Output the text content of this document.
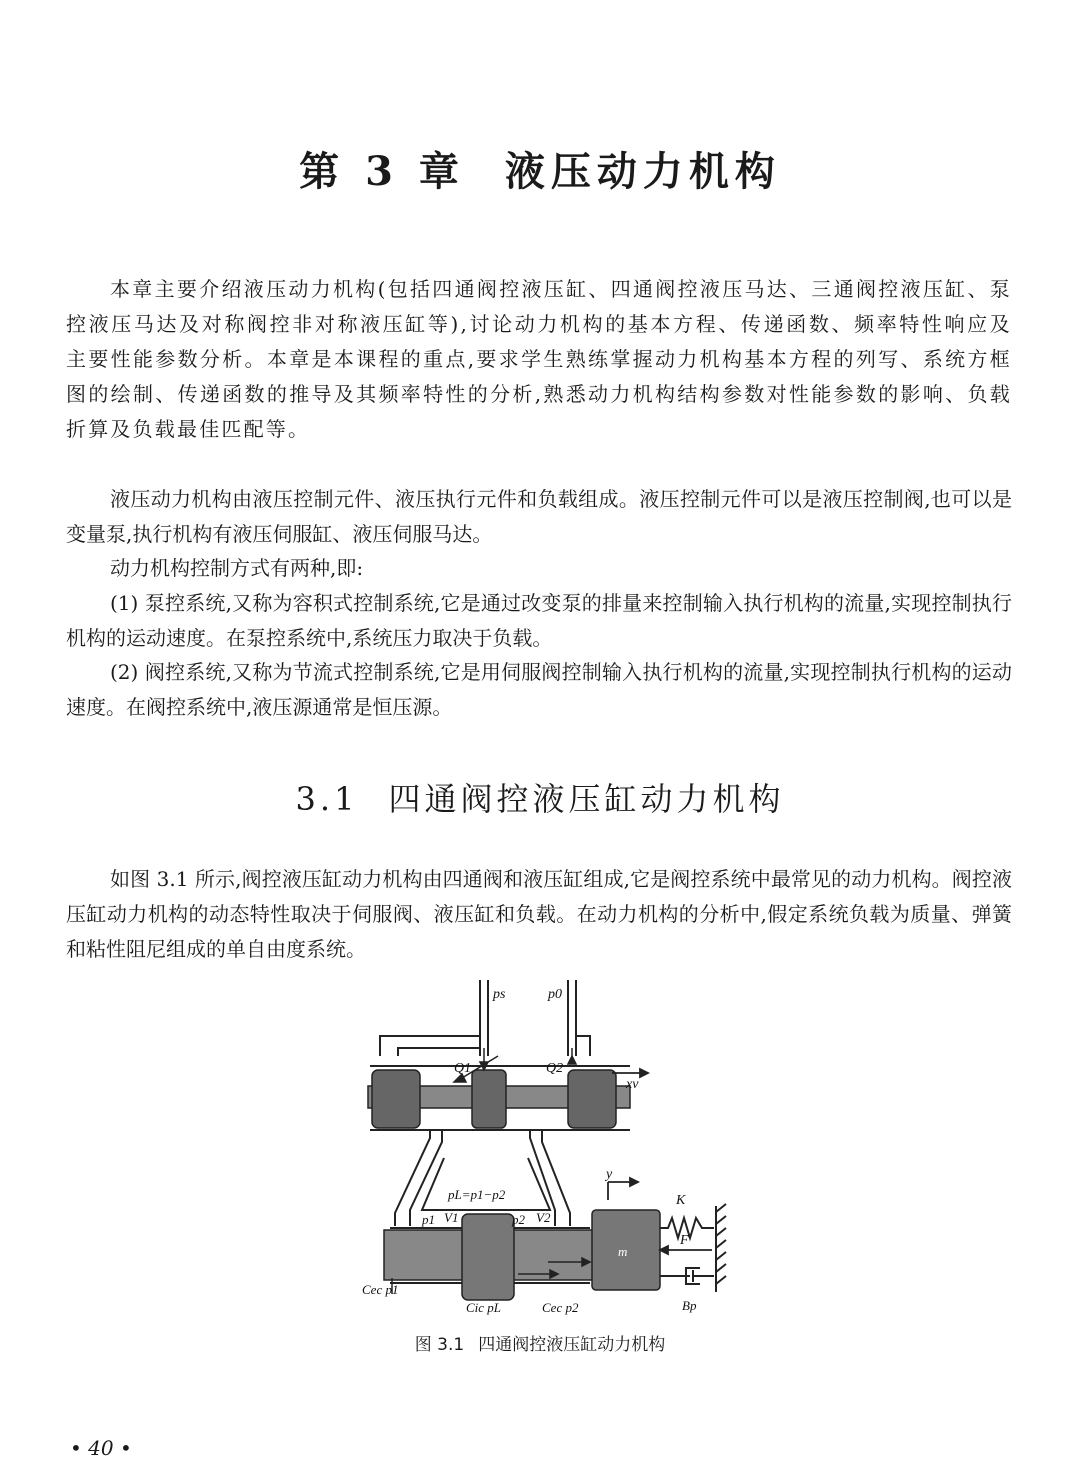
第 3 章 液压动力机构

本章主要介绍液压动力机构(包括四通阀控液压缸、四通阀控液压马达、三通阀控液压缸、泵控液压马达及对称阀控非对称液压缸等),讨论动力机构的基本方程、传递函数、频率特性响应及主要性能参数分析。本章是本课程的重点,要求学生熟练掌握动力机构基本方程的列写、系统方框图的绘制、传递函数的推导及其频率特性的分析,熟悉动力机构结构参数对性能参数的影响、负载折算及负载最佳匹配等。

液压动力机构由液压控制元件、液压执行元件和负载组成。液压控制元件可以是液压控制阀,也可以是变量泵,执行机构有液压伺服缸、液压伺服马达。

动力机构控制方式有两种,即:

(1) 泵控系统,又称为容积式控制系统,它是通过改变泵的排量来控制输入执行机构的流量,实现控制执行机构的运动速度。在泵控系统中,系统压力取决于负载。

(2) 阀控系统,又称为节流式控制系统,它是用伺服阀控制输入执行机构的流量,实现控制执行机构的运动速度。在阀控系统中,液压源通常是恒压源。

3.1 四通阀控液压缸动力机构

如图 3.1 所示,阀控液压缸动力机构由四通阀和液压缸组成,它是阀控系统中最常见的动力机构。阀控液压缸动力机构的动态特性取决于伺服阀、液压缸和负载。在动力机构的分析中,假定系统负载为质量、弹簧和粘性阻尼组成的单自由度系统。

ps	p0
Q1	Q2
xv
y
K
pL=p1−p2
p1 V1	p2 V2
m
F
Cec p1
Cic pL	Cec p2	Bp
图 3.1 四通阀控液压缸动力机构
• 40 •
